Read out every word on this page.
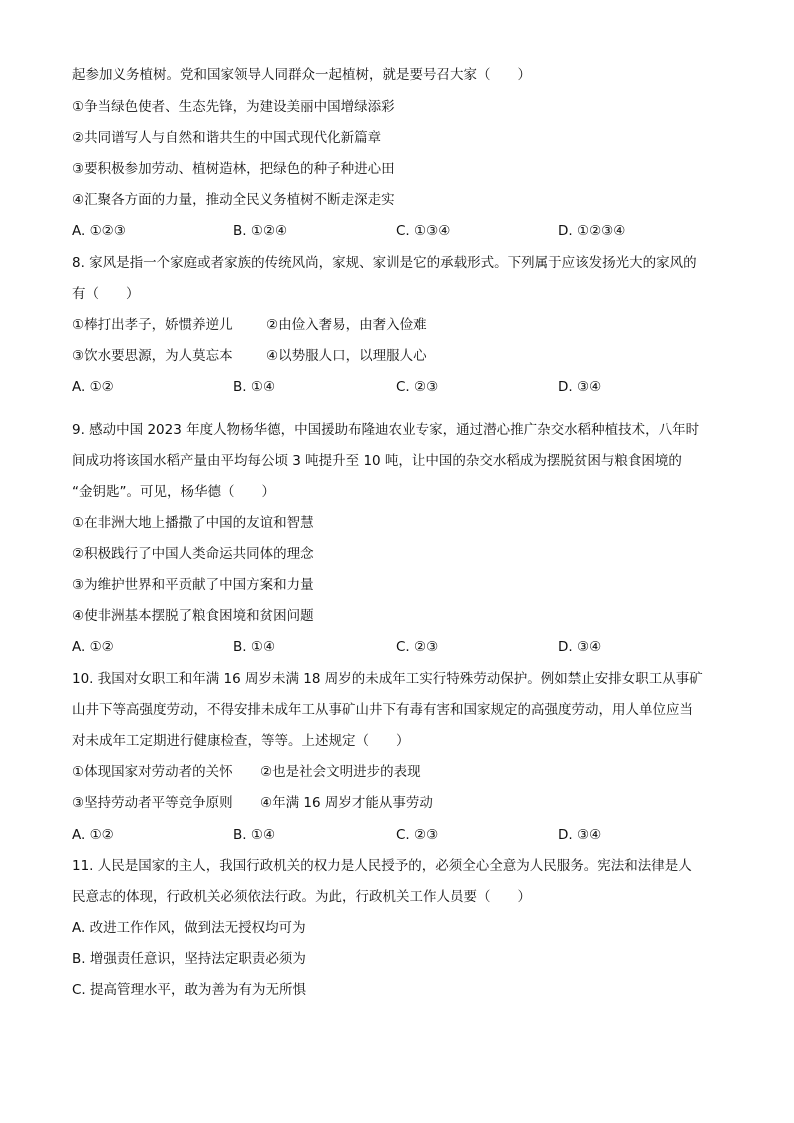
起参加义务植树。党和国家领导人同群众一起植树，就是要号召大家（　　）
①争当绿色使者、生态先锋，为建设美丽中国增绿添彩
②共同谱写人与自然和谐共生的中国式现代化新篇章
③要积极参加劳动、植树造林，把绿色的种子种进心田
④汇聚各方面的力量，推动全民义务植树不断走深走实
A. ①②③	B. ①②④	C. ①③④	D. ①②③④
8. 家风是指一个家庭或者家族的传统风尚，家规、家训是它的承载形式。下列属于应该发扬光大的家风的
有（　　）
①棒打出孝子，娇惯养逆儿 ②由俭入奢易，由奢入俭难
③饮水要思源，为人莫忘本 ④以势服人口，以理服人心
A. ①②	B. ①④	C. ②③	D. ③④
9. 感动中国 2023 年度人物杨华德，中国援助布隆迪农业专家，通过潜心推广杂交水稻种植技术，八年时
间成功将该国水稻产量由平均每公顷 3 吨提升至 10 吨，让中国的杂交水稻成为摆脱贫困与粮食困境的
“金钥匙”。可见，杨华德（　　）
①在非洲大地上播撒了中国的友谊和智慧
②积极践行了中国人类命运共同体的理念
③为维护世界和平贡献了中国方案和力量
④使非洲基本摆脱了粮食困境和贫困问题
A. ①②	B. ①④	C. ②③	D. ③④
10. 我国对女职工和年满 16 周岁未满 18 周岁的未成年工实行特殊劳动保护。例如禁止安排女职工从事矿
山井下等高强度劳动，不得安排未成年工从事矿山井下有毒有害和国家规定的高强度劳动，用人单位应当
对未成年工定期进行健康检查，等等。上述规定（　　）
①体现国家对劳动者的关怀 ②也是社会文明进步的表现
③坚持劳动者平等竞争原则 ④年满 16 周岁才能从事劳动
A. ①②	B. ①④	C. ②③	D. ③④
11. 人民是国家的主人，我国行政机关的权力是人民授予的，必须全心全意为人民服务。宪法和法律是人
民意志的体现，行政机关必须依法行政。为此，行政机关工作人员要（　　）
A. 改进工作作风，做到法无授权均可为
B. 增强责任意识，坚持法定职责必须为
C. 提高管理水平，敢为善为有为无所惧
